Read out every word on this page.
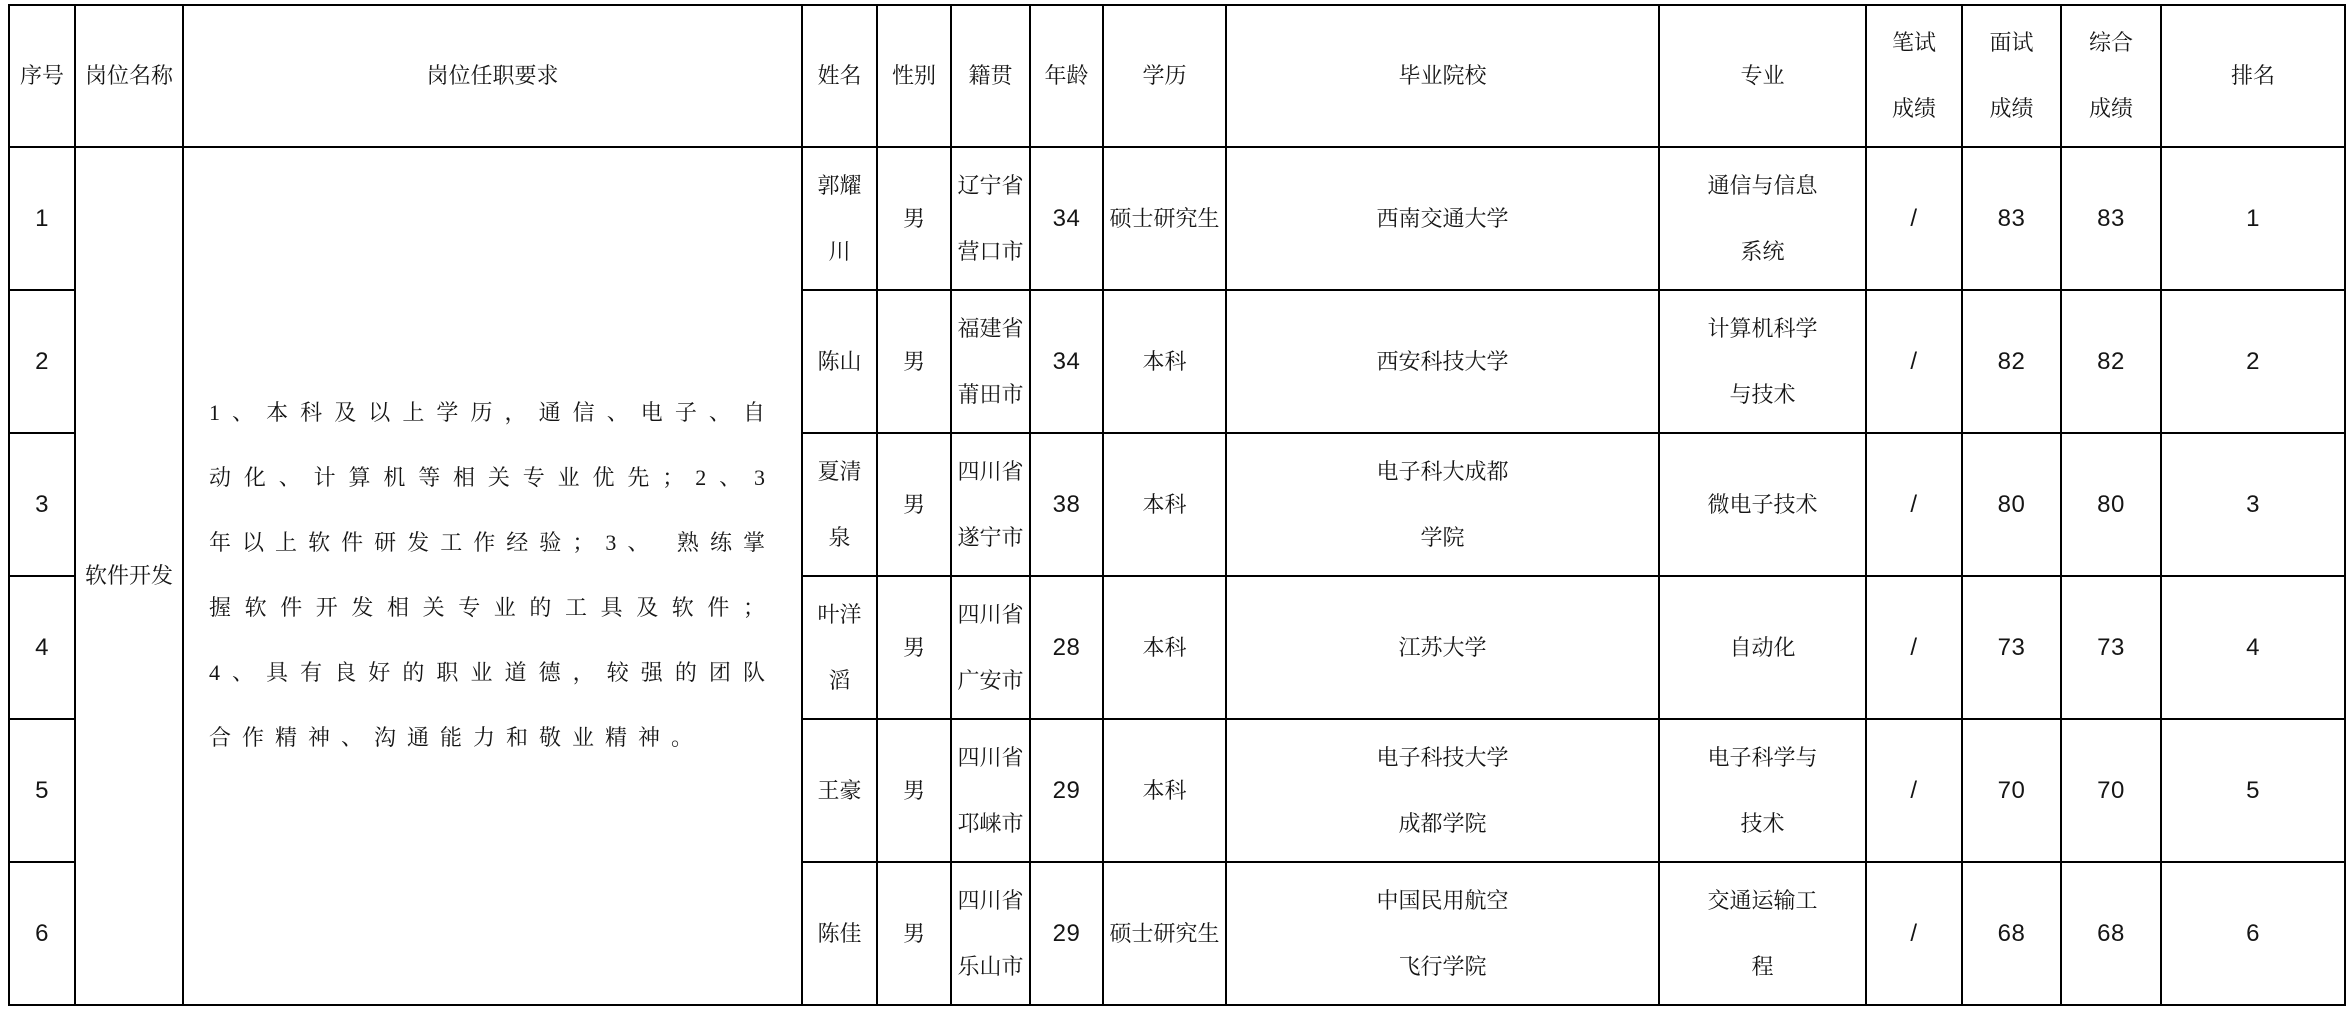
序号	岗位名称	岗位任职要求	姓名	性别	籍贯	年龄	学历	毕业院校	专业	笔试成绩	面试成绩	综合成绩	排名

1	软件开发	1、本科及以上学历，通信、电子、自动化、计算机等相关专业优先；2、3年以上软件研发工作经验；3、 熟练掌握软件开发相关专业的工具及软件；4、具有良好的职业道德，较强的团队合作精神、沟通能力和敬业精神。	郭耀川	男	辽宁省营口市	34	硕士研究生	西南交通大学	通信与信息系统	/	83	83	1

2			陈山	男	福建省莆田市	34	本科	西安科技大学	计算机科学与技术	/	82	82	2

3			夏清泉	男	四川省遂宁市	38	本科	电子科大成都学院	微电子技术	/	80	80	3

4			叶洋滔	男	四川省广安市	28	本科	江苏大学	自动化	/	73	73	4

5			王豪	男	四川省邛崃市	29	本科	电子科技大学成都学院	电子科学与技术	/	70	70	5

6			陈佳	男	四川省乐山市	29	硕士研究生	中国民用航空飞行学院	交通运输工程	/	68	68	6
